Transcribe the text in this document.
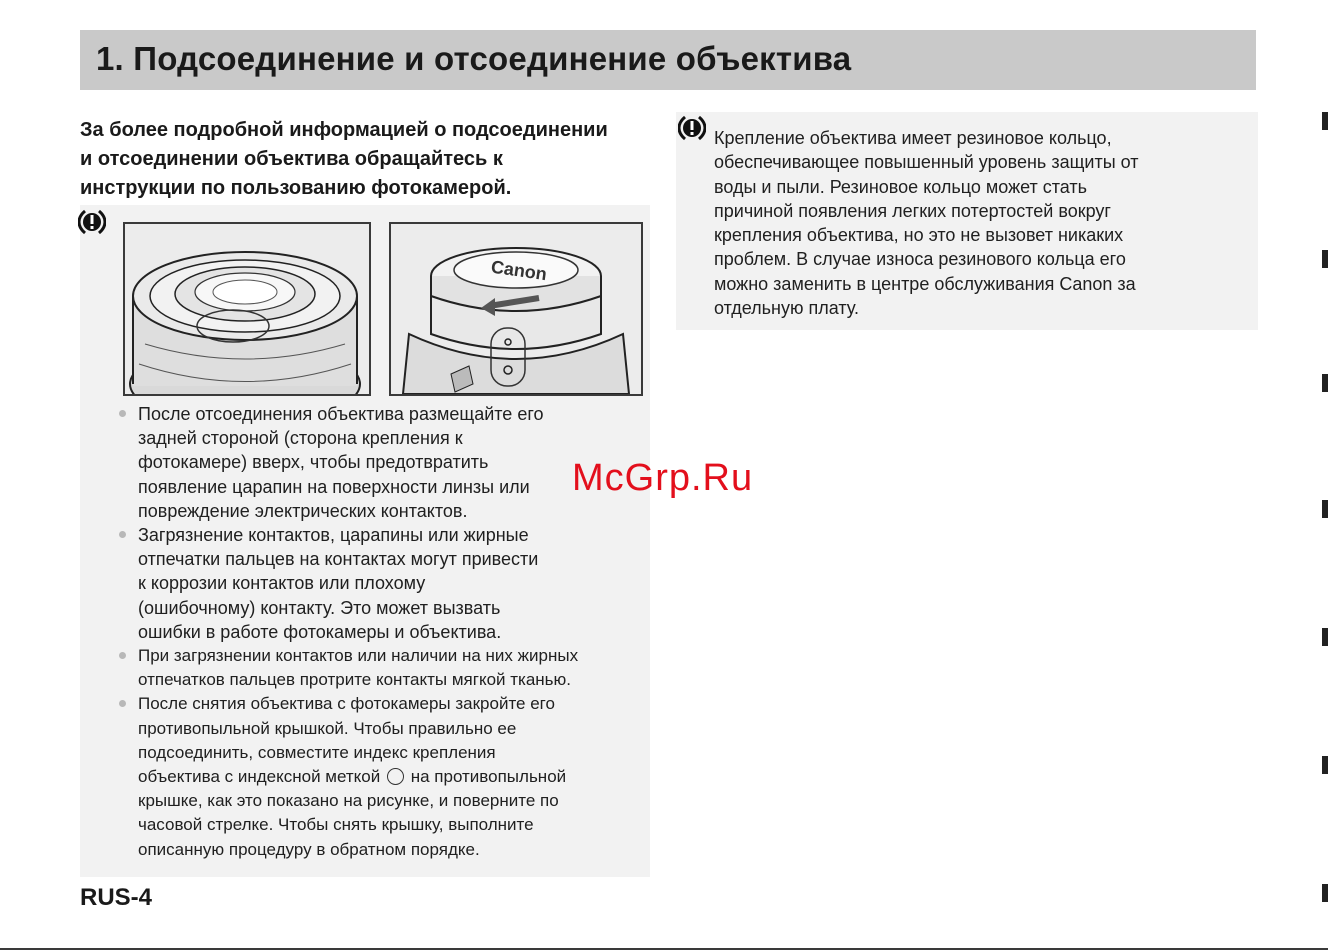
1. Подсоединение и отсоединение объектива
За более подробной информацией о подсоединении
и отсоединении объектива обращайтесь к
инструкции по пользованию фотокамерой.
Canon
После отсоединения объектива размещайте его
задней стороной (сторона крепления к
фотокамере) вверх, чтобы предотвратить
появление царапин на поверхности линзы или
повреждение электрических контактов.
Загрязнение контактов, царапины или жирные
отпечатки пальцев на контактах могут привести
к коррозии контактов или плохому
(ошибочному) контакту. Это может вызвать
ошибки в работе фотокамеры и объектива.
При загрязнении контактов или наличии на них жирных
отпечатков пальцев протрите контакты мягкой тканью.
После снятия объектива с фотокамеры закройте его
противопыльной крышкой. Чтобы правильно ее
подсоединить, совместите индекс крепления
объектива с индексной меткой на противопыльной
крышке, как это показано на рисунке, и поверните по
часовой стрелке. Чтобы снять крышку, выполните
описанную процедуру в обратном порядке.
Крепление объектива имеет резиновое кольцо,
обеспечивающее повышенный уровень защиты от
воды и пыли. Резиновое кольцо может стать
причиной появления легких потертостей вокруг
крепления объектива, но это не вызовет никаких
проблем. В случае износа резинового кольца его
можно заменить в центре обслуживания Canon за
отдельную плату.
McGrp.Ru
RUS-4
